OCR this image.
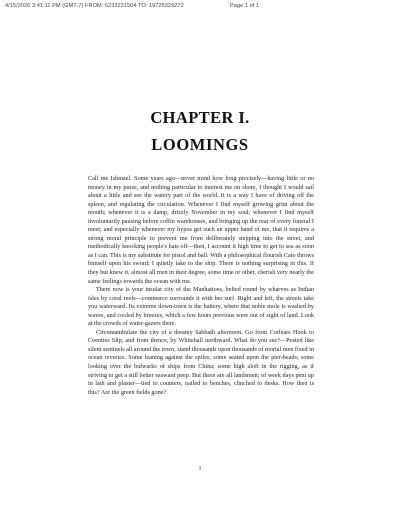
4/15/2026 3:41:11 PM (GMT-7) FROM: 6233221504 TO: 19725329272	Page 1 of 1
CHAPTER I.
LOOMINGS

Call me Ishmael. Some years ago—never mind how long precisely—having little or no money in my purse, and nothing particular to interest me on shore, I thought I would sail about a little and see the watery part of the world. It is a way I have of driving off the spleen, and regulating the circulation. Whenever I find myself growing grim about the mouth; whenever it is a damp, drizzly November in my soul; whenever I find myself involuntarily pausing before coffin warehouses, and bringing up the rear of every funeral I meet; and especially whenever my hypos get such an upper hand of me, that it requires a strong moral principle to prevent me from deliberately stepping into the street, and methodically knocking people's hats off—then, I account it high time to get to sea as soon as I can. This is my substitute for pistol and ball. With a philosophical flourish Cato throws himself upon his sword; I quietly take to the ship. There is nothing surprising in this. If they but knew it, almost all men in their degree, some time or other, cherish very nearly the same feelings towards the ocean with me.

There now is your insular city of the Manhattoes, belted round by wharves as Indian isles by coral reefs—commerce surrounds it with her surf. Right and left, the streets take you waterward. Its extreme down-town is the battery, where that noble mole is washed by waves, and cooled by breezes, which a few hours previous were out of sight of land. Look at the crowds of water-gazers there.

Circumambulate the city of a dreamy Sabbath afternoon. Go from Corlears Hook to Coenties Slip, and from thence, by Whitehall northward. What do you see?—Posted like silent sentinels all around the town, stand thousands upon thousands of mortal men fixed in ocean reveries. Some leaning against the spiles; some seated upon the pier-heads; some looking over the bulwarks of ships from China; some high aloft in the rigging, as if striving to get a still better seaward peep. But these are all landsmen; of week days pent up in lath and plaster—tied to counters, nailed to benches, clinched to desks. How then is this? Are the green fields gone?

1
